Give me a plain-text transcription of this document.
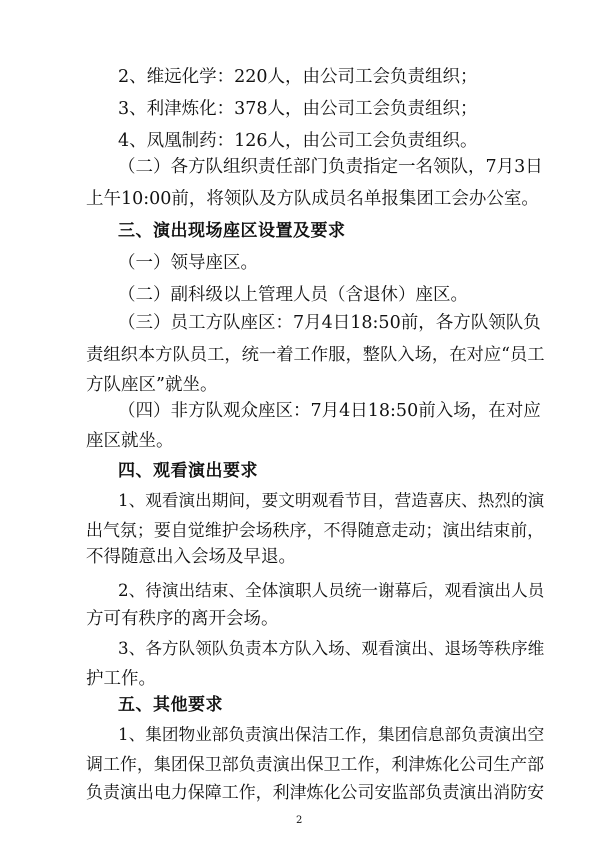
2、维远化学：220人，由公司工会负责组织；
3、利津炼化：378人，由公司工会负责组织；
4、凤凰制药：126人，由公司工会负责组织。
（二）各方队组织责任部门负责指定一名领队，7月3日
上午10:00前，将领队及方队成员名单报集团工会办公室。
三、演出现场座区设置及要求
（一）领导座区。
（二）副科级以上管理人员（含退休）座区。
（三）员工方队座区：7月4日18:50前，各方队领队负
责组织本方队员工，统一着工作服，整队入场，在对应“员工
方队座区”就坐。
（四）非方队观众座区：7月4日18:50前入场，在对应
座区就坐。
四、观看演出要求
1、观看演出期间，要文明观看节目，营造喜庆、热烈的演
出气氛；要自觉维护会场秩序，不得随意走动；演出结束前，
不得随意出入会场及早退。
2、待演出结束、全体演职人员统一谢幕后，观看演出人员
方可有秩序的离开会场。
3、各方队领队负责本方队入场、观看演出、退场等秩序维
护工作。
五、其他要求
1、集团物业部负责演出保洁工作，集团信息部负责演出空
调工作，集团保卫部负责演出保卫工作，利津炼化公司生产部
负责演出电力保障工作，利津炼化公司安监部负责演出消防安
2
